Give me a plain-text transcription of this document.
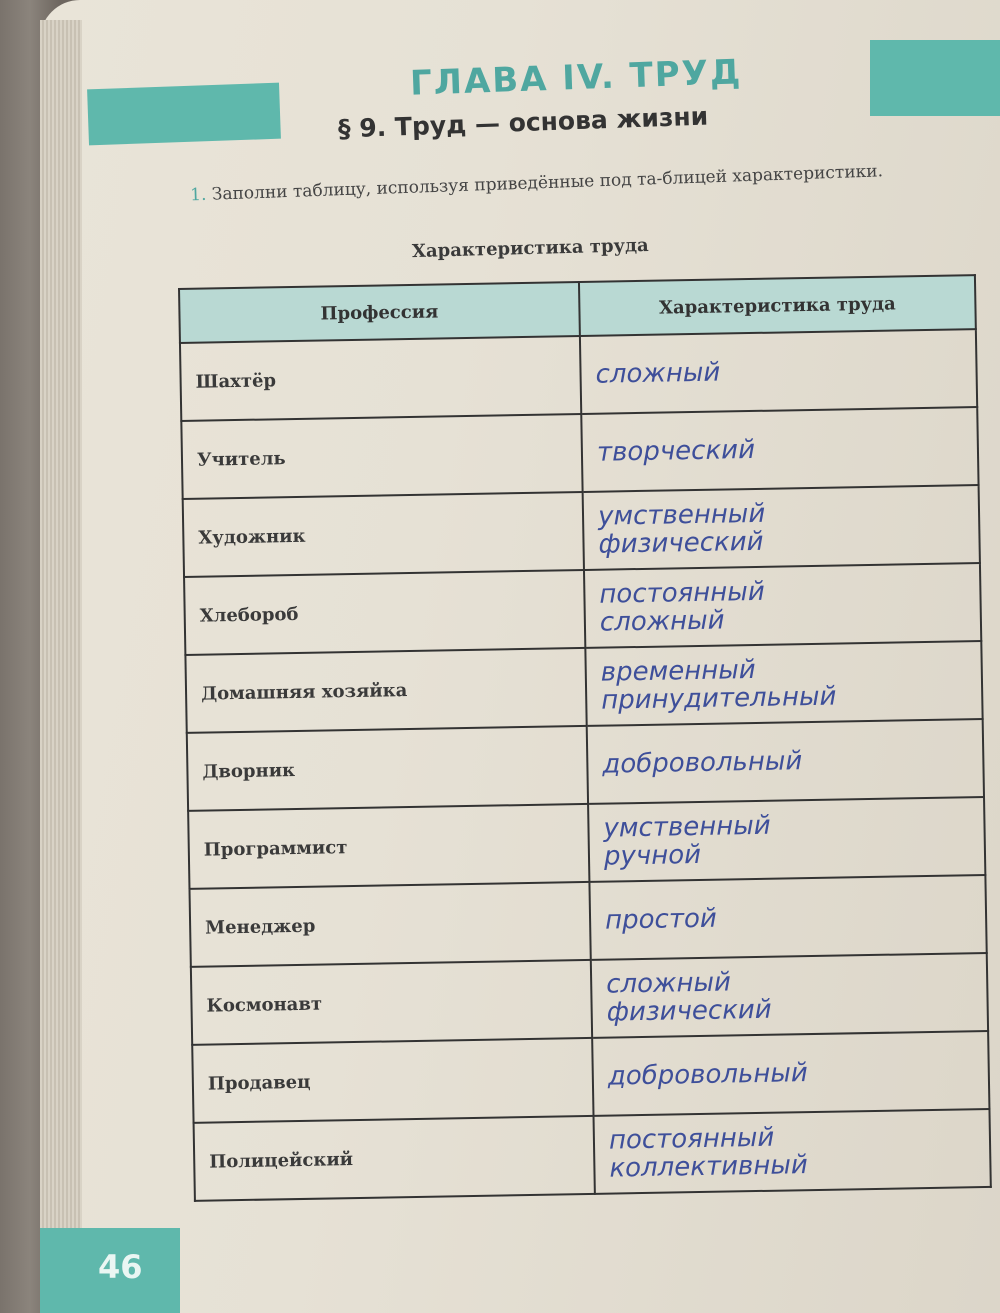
ГЛАВА IV. ТРУД
§ 9. Труд — основа жизни
1. Заполни таблицу, используя приведённые под та-блицей характеристики.
Характеристика труда
Профессия	Характеристика труда
Шахтёр	сложный

Учитель	творческий

Художник	умственный
физический

Хлебороб	постоянный
сложный

Домашняя хозяйка	временный
принудительный

Дворник	добровольный

Программист	умственный
ручной

Менеджер	простой

Космонавт	сложный
физический

Продавец	добровольный

Полицейский	постоянный
коллективный
46
